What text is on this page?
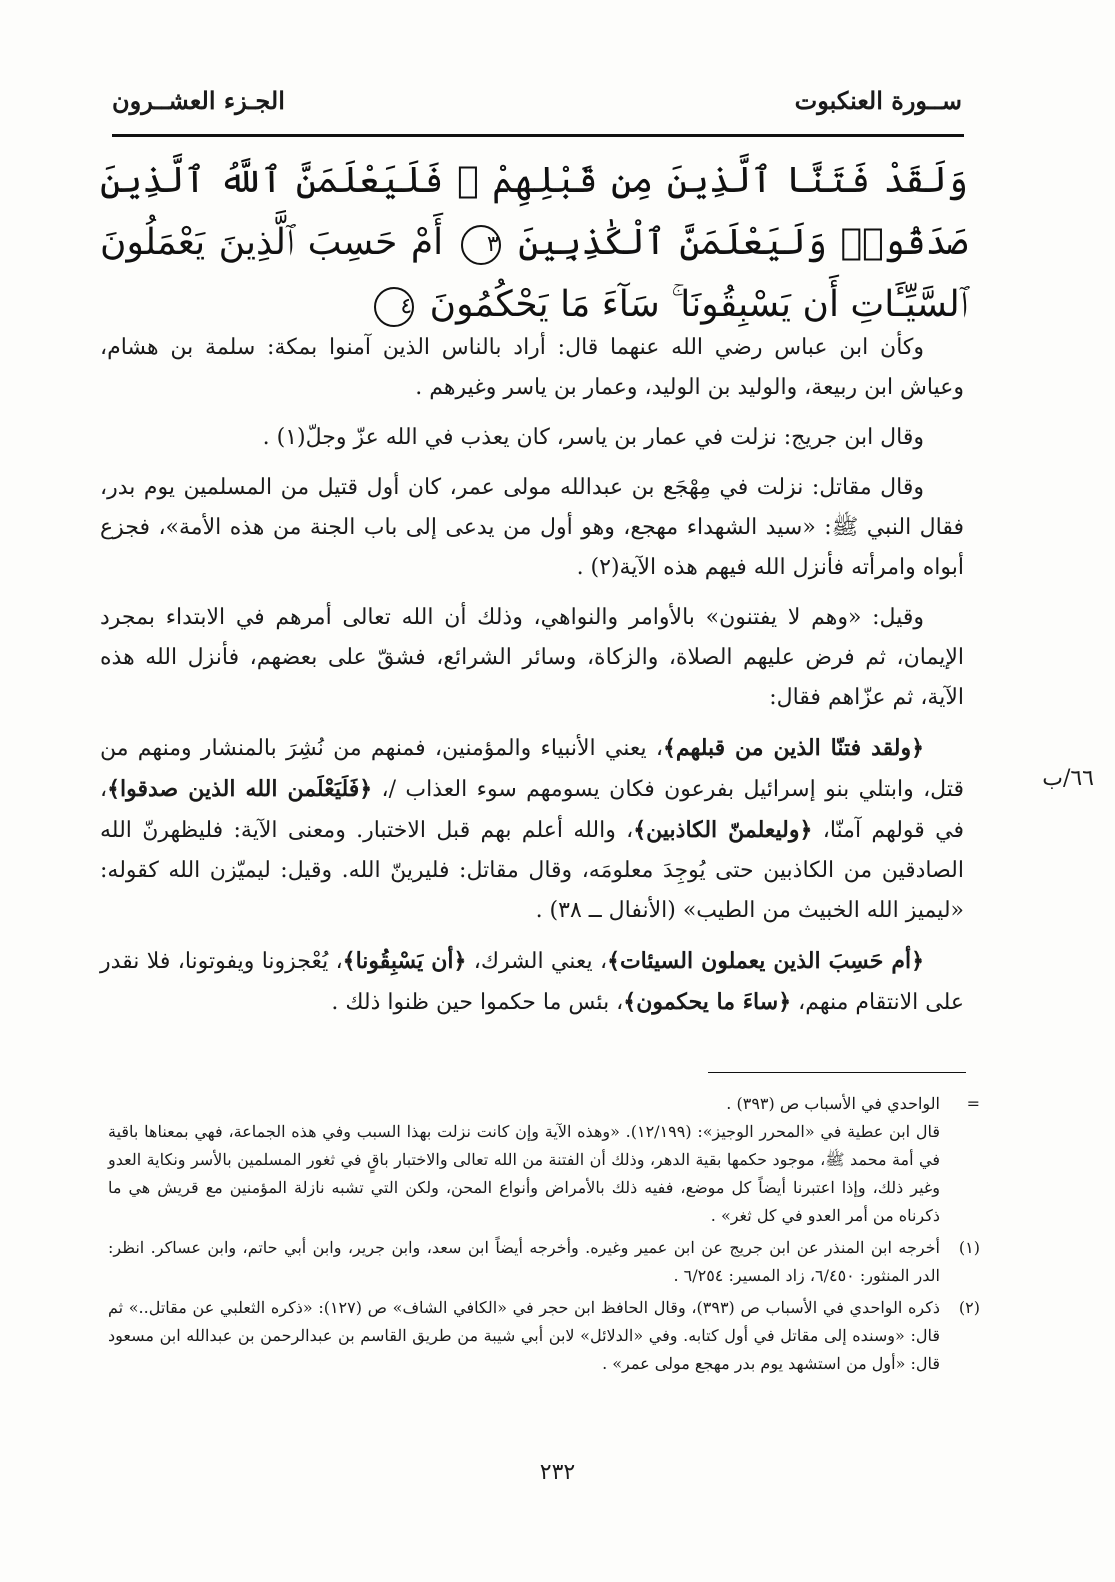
ســورة العنكبوت
الجـزء العشــرون
وَلَقَدْ فَتَنَّا ٱلَّذِينَ مِن قَبْلِهِمْ ۖ فَلَيَعْلَمَنَّ ٱللَّهُ ٱلَّذِينَ صَدَقُوا۟ وَلَيَعْلَمَنَّ ٱلْكَٰذِبِينَ ٣ أَمْ حَسِبَ ٱلَّذِينَ يَعْمَلُونَ ٱلسَّيِّـَٔاتِ أَن يَسْبِقُونَا ۚ سَآءَ مَا يَحْكُمُونَ ٤

وكأن ابن عباس رضي الله عنهما قال: أراد بالناس الذين آمنوا بمكة: سلمة بن هشام، وعياش ابن ربيعة، والوليد بن الوليد، وعمار بن ياسر وغيرهم .

وقال ابن جريج: نزلت في عمار بن ياسر، كان يعذب في الله عزّ وجلّ(١) .

وقال مقاتل: نزلت في مِهْجَع بن عبدالله مولى عمر، كان أول قتيل من المسلمين يوم بدر، فقال النبي ﷺ: «سيد الشهداء مهجع، وهو أول من يدعى إلى باب الجنة من هذه الأمة»، فجزع أبواه وامرأته فأنزل الله فيهم هذه الآية(٢) .

وقيل: «وهم لا يفتنون» بالأوامر والنواهي، وذلك أن الله تعالى أمرهم في الابتداء بمجرد الإيمان، ثم فرض عليهم الصلاة، والزكاة، وسائر الشرائع، فشقّ على بعضهم، فأنزل الله هذه الآية، ثم عزّاهم فقال:

﴿ولقد فتنّا الذين من قبلهم﴾، يعني الأنبياء والمؤمنين، فمنهم من نُشِرَ بالمنشار ومنهم من قتل، وابتلي بنو إسرائيل بفرعون فكان يسومهم سوء العذاب /، ﴿فَلَيَعْلَمن الله الذين صدقوا﴾، في قولهم آمنّا، ﴿وليعلمنّ الكاذبين﴾، والله أعلم بهم قبل الاختبار. ومعنى الآية: فليظهرنّ الله الصادقين من الكاذبين حتى يُوجِدَ معلومَه، وقال مقاتل: فليرينّ الله. وقيل: ليميّزن الله كقوله: «ليميز الله الخبيث من الطيب» (الأنفال ــ ٣٨) .

﴿أم حَسِبَ الذين يعملون السيئات﴾، يعني الشرك، ﴿أن يَسْبِقُونا﴾، يُعْجزونا ويفوتونا، فلا نقدر على الانتقام منهم، ﴿ساءَ ما يحكمون﴾، بئس ما حكموا حين ظنوا ذلك .

٦٦/ب
=
الواحدي في الأسباب ص (٣٩٣) .
قال ابن عطية في «المحرر الوجيز»: (١٢/١٩٩). «وهذه الآية وإن كانت نزلت بهذا السبب وفي هذه الجماعة، فهي بمعناها باقية في أمة محمد ﷺ، موجود حكمها بقية الدهر، وذلك أن الفتنة من الله تعالى والاختبار باقٍ في ثغور المسلمين بالأسر ونكاية العدو وغير ذلك، وإذا اعتبرنا أيضاً كل موضع، ففيه ذلك بالأمراض وأنواع المحن، ولكن التي تشبه نازلة المؤمنين مع قريش هي ما ذكرناه من أمر العدو في كل ثغر» .
(١)
أخرجه ابن المنذر عن ابن جريج عن ابن عمير وغيره. وأخرجه أيضاً ابن سعد، وابن جرير، وابن أبي حاتم، وابن عساكر. انظر: الدر المنثور: ٦/٤٥٠، زاد المسير: ٦/٢٥٤ .
(٢)
ذكره الواحدي في الأسباب ص (٣٩٣)، وقال الحافظ ابن حجر في «الكافي الشاف» ص (١٢٧): «ذكره الثعلبي عن مقاتل..» ثم قال: «وسنده إلى مقاتل في أول كتابه. وفي «الدلائل» لابن أبي شيبة من طريق القاسم بن عبدالرحمن بن عبدالله ابن مسعود قال: «أول من استشهد يوم بدر مهجع مولى عمر» .
٢٣٢
